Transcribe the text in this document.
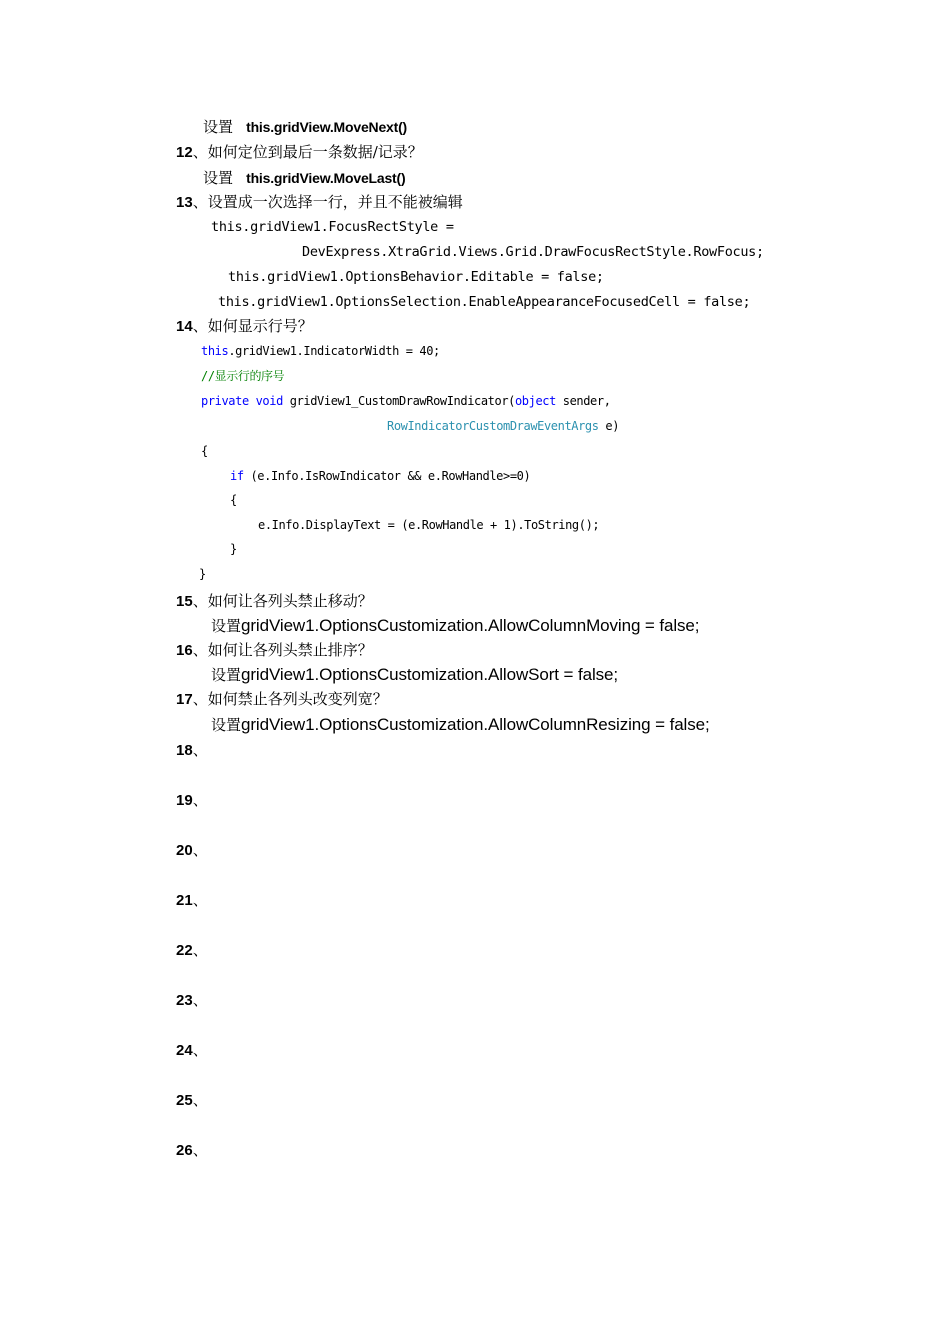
设置 this.gridView.MoveNext()
12、如何定位到最后一条数据/记录？
设置 this.gridView.MoveLast()
13、设置成一次选择一行，并且不能被编辑
this.gridView1.FocusRectStyle =
DevExpress.XtraGrid.Views.Grid.DrawFocusRectStyle.RowFocus;
this.gridView1.OptionsBehavior.Editable = false;
this.gridView1.OptionsSelection.EnableAppearanceFocusedCell = false;
14、如何显示行号？
this.gridView1.IndicatorWidth = 40;
//显示行的序号
private void gridView1_CustomDrawRowIndicator(object sender,
RowIndicatorCustomDrawEventArgs e)
{
if (e.Info.IsRowIndicator && e.RowHandle>=0)
{
e.Info.DisplayText = (e.RowHandle + 1).ToString();
}
}
15、如何让各列头禁止移动？
设置gridView1.OptionsCustomization.AllowColumnMoving = false;
16、如何让各列头禁止排序？
设置gridView1.OptionsCustomization.AllowSort = false;
17、如何禁止各列头改变列宽？
设置gridView1.OptionsCustomization.AllowColumnResizing = false;
18、
19、
20、
21、
22、
23、
24、
25、
26、
